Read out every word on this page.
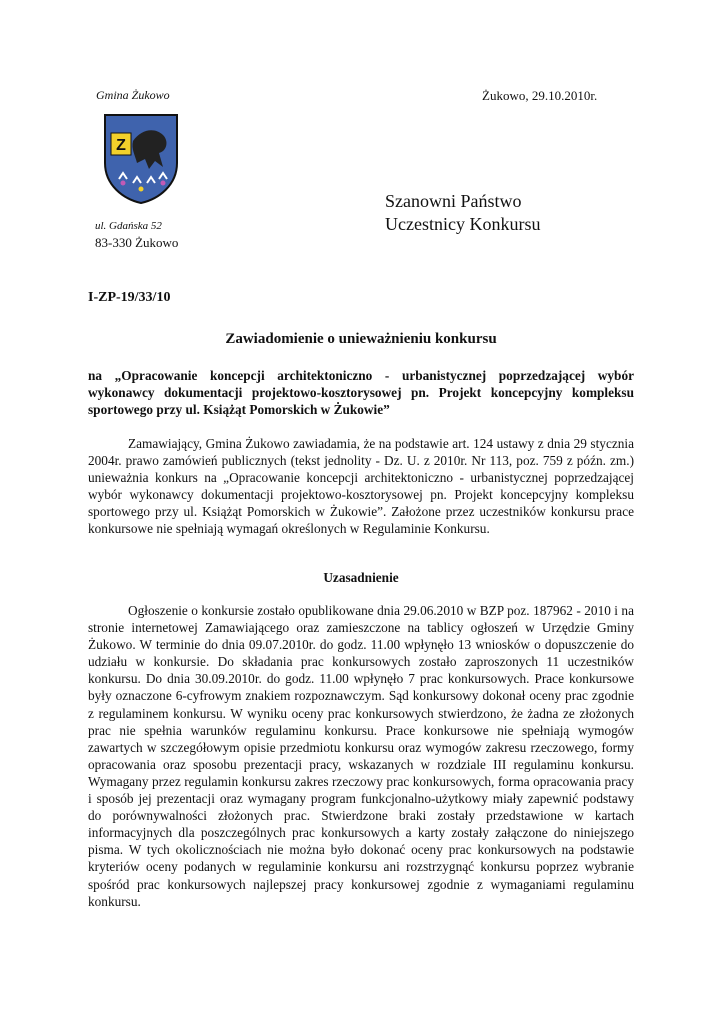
Gmina Żukowo	Żukowo, 29.10.2010r.
Z
ul. Gdańska 52
83-330 Żukowo
Szanowni Państwo
Uczestnicy Konkursu
I-ZP-19/33/10
Zawiadomienie o unieważnieniu konkursu
na „Opracowanie koncepcji architektoniczno - urbanistycznej poprzedzającej wybór wykonawcy dokumentacji projektowo-kosztorysowej pn. Projekt koncepcyjny kompleksu sportowego przy ul. Książąt Pomorskich w Żukowie”
Zamawiający, Gmina Żukowo zawiadamia, że na podstawie art. 124 ustawy z dnia 29 stycznia 2004r. prawo zamówień publicznych (tekst jednolity - Dz. U. z 2010r. Nr 113, poz. 759 z późn. zm.) unieważnia konkurs na „Opracowanie koncepcji architektoniczno - urbanistycznej poprzedzającej wybór wykonawcy dokumentacji projektowo-kosztorysowej pn. Projekt koncepcyjny kompleksu sportowego przy ul. Książąt Pomorskich w Żukowie”. Założone przez uczestników konkursu prace konkursowe nie spełniają wymagań określonych w Regulaminie Konkursu.
Uzasadnienie
Ogłoszenie o konkursie zostało opublikowane dnia 29.06.2010 w BZP poz. 187962 - 2010 i na stronie internetowej Zamawiającego oraz zamieszczone na tablicy ogłoszeń w Urzędzie Gminy Żukowo. W terminie do dnia 09.07.2010r. do godz. 11.00 wpłynęło 13 wniosków o dopuszczenie do udziału w konkursie. Do składania prac konkursowych zostało zaproszonych 11 uczestników konkursu. Do dnia 30.09.2010r. do godz. 11.00 wpłynęło 7 prac konkursowych. Prace konkursowe były oznaczone 6-cyfrowym znakiem rozpoznawczym. Sąd konkursowy dokonał oceny prac zgodnie z regulaminem konkursu. W wyniku oceny prac konkursowych stwierdzono, że żadna ze złożonych prac nie spełnia warunków regulaminu konkursu. Prace konkursowe nie spełniają wymogów zawartych w szczegółowym opisie przedmiotu konkursu oraz wymogów zakresu rzeczowego, formy opracowania oraz sposobu prezentacji pracy, wskazanych w rozdziale III regulaminu konkursu. Wymagany przez regulamin konkursu zakres rzeczowy prac konkursowych, forma opracowania pracy i sposób jej prezentacji oraz wymagany program funkcjonalno-użytkowy miały zapewnić podstawy do porównywalności złożonych prac. Stwierdzone braki zostały przedstawione w kartach informacyjnych dla poszczególnych prac konkursowych a karty zostały załączone do niniejszego pisma. W tych okolicznościach nie można było dokonać oceny prac konkursowych na podstawie kryteriów oceny podanych w regulaminie konkursu ani rozstrzygnąć konkursu poprzez wybranie spośród prac konkursowych najlepszej pracy konkursowej zgodnie z wymaganiami regulaminu konkursu.
